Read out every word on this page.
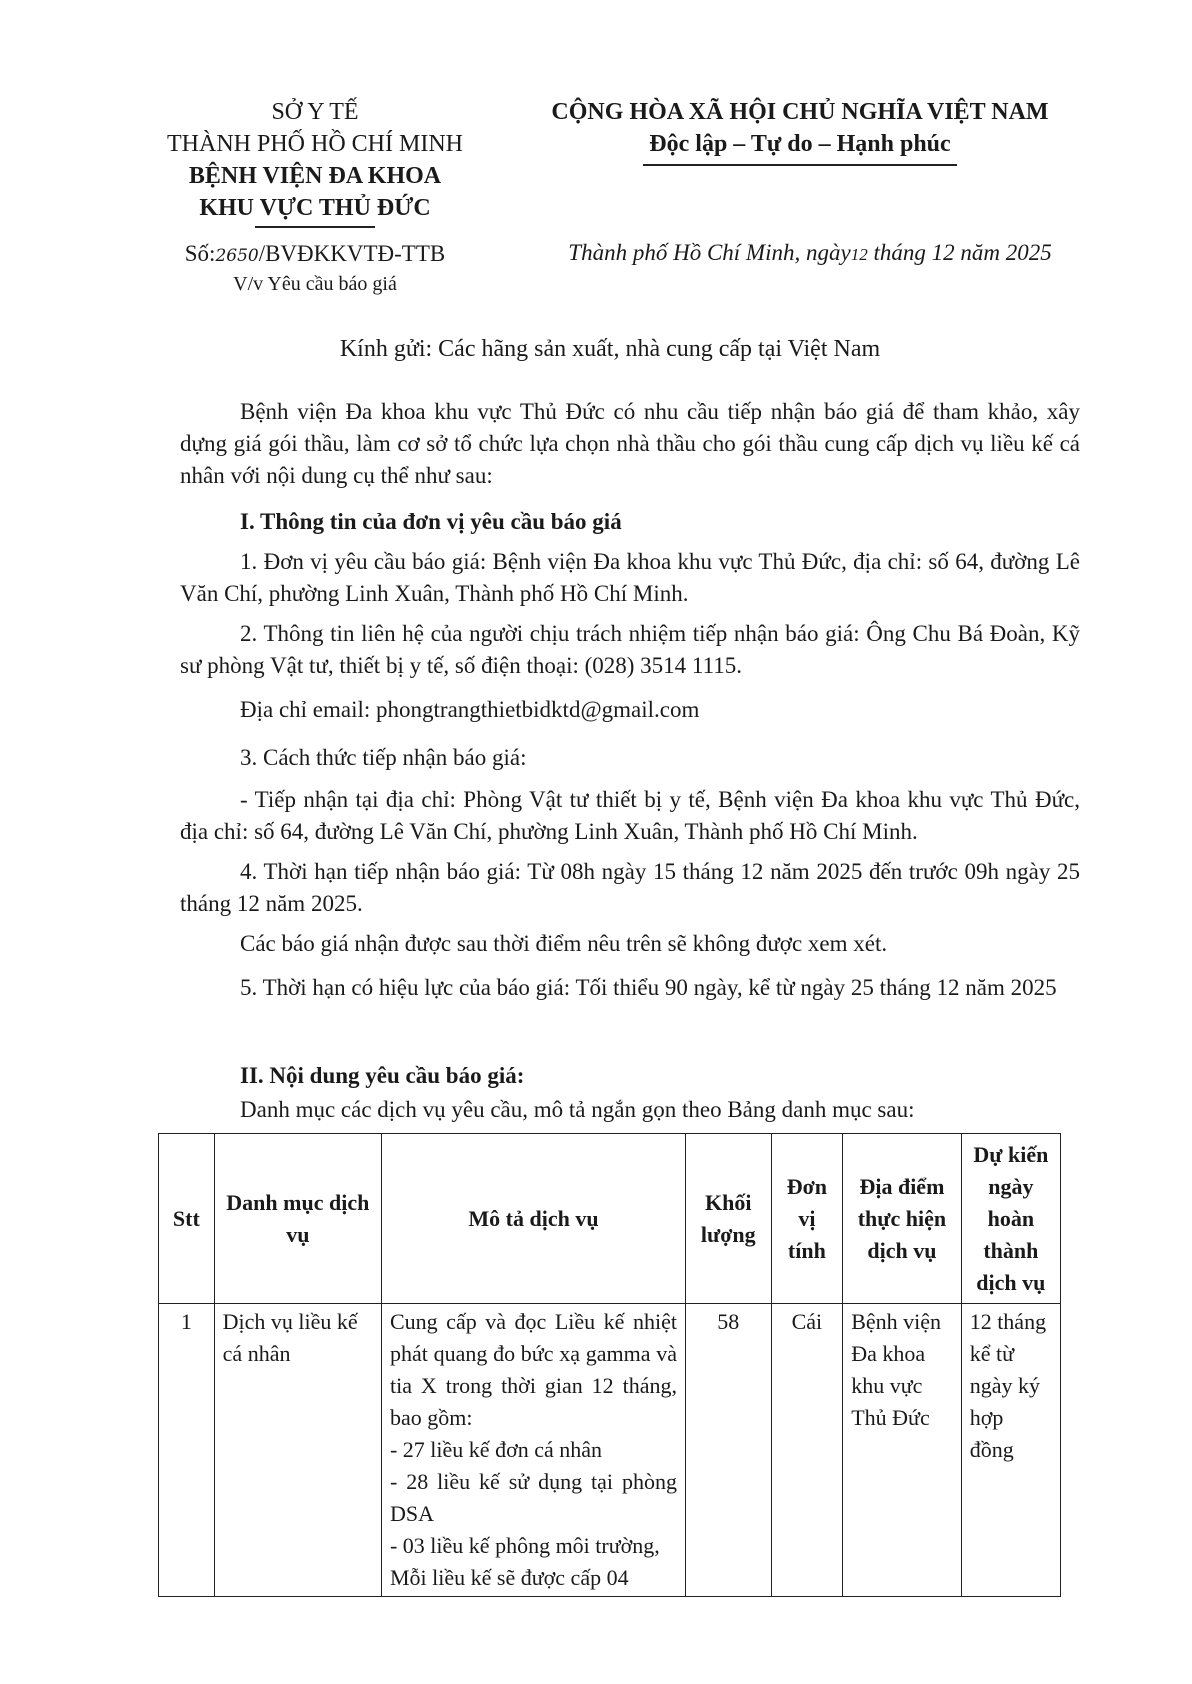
SỞ Y TẾ
THÀNH PHỐ HỒ CHÍ MINH
BỆNH VIỆN ĐA KHOA
KHU VỰC THỦ ĐỨC
CỘNG HÒA XÃ HỘI CHỦ NGHĨA VIỆT NAM
Độc lập – Tự do – Hạnh phúc
Số:2650/BVĐKKVTĐ-TTB
V/v Yêu cầu báo giá
Thành phố Hồ Chí Minh, ngày12 tháng 12 năm 2025
Kính gửi: Các hãng sản xuất, nhà cung cấp tại Việt Nam
Bệnh viện Đa khoa khu vực Thủ Đức có nhu cầu tiếp nhận báo giá để tham khảo, xây dựng giá gói thầu, làm cơ sở tổ chức lựa chọn nhà thầu cho gói thầu cung cấp dịch vụ liều kế cá nhân với nội dung cụ thể như sau:
I. Thông tin của đơn vị yêu cầu báo giá
1. Đơn vị yêu cầu báo giá: Bệnh viện Đa khoa khu vực Thủ Đức, địa chỉ: số 64, đường Lê Văn Chí, phường Linh Xuân, Thành phố Hồ Chí Minh.
2. Thông tin liên hệ của người chịu trách nhiệm tiếp nhận báo giá: Ông Chu Bá Đoàn, Kỹ sư phòng Vật tư, thiết bị y tế, số điện thoại: (028) 3514 1115.
Địa chỉ email: phongtrangthietbidktd@gmail.com
3. Cách thức tiếp nhận báo giá:
- Tiếp nhận tại địa chỉ: Phòng Vật tư thiết bị y tế, Bệnh viện Đa khoa khu vực Thủ Đức, địa chỉ: số 64, đường Lê Văn Chí, phường Linh Xuân, Thành phố Hồ Chí Minh.
4. Thời hạn tiếp nhận báo giá: Từ 08h ngày 15 tháng 12 năm 2025 đến trước 09h ngày 25 tháng 12 năm 2025.
Các báo giá nhận được sau thời điểm nêu trên sẽ không được xem xét.
5. Thời hạn có hiệu lực của báo giá: Tối thiểu 90 ngày, kể từ ngày 25 tháng 12 năm 2025
II. Nội dung yêu cầu báo giá:
Danh mục các dịch vụ yêu cầu, mô tả ngắn gọn theo Bảng danh mục sau:
Stt	Danh mục dịch vụ	Mô tả dịch vụ	Khối lượng	Đơn vị tính	Địa điểm thực hiện dịch vụ	Dự kiến ngày hoàn thành dịch vụ
1	Dịch vụ liều kế cá nhân	Cung cấp và đọc Liều kế nhiệt phát quang đo bức xạ gamma và tia X trong thời gian 12 tháng, bao gồm:
- 27 liều kế đơn cá nhân
- 28 liều kế sử dụng tại phòng DSA
- 03 liều kế phông môi trường,
Mỗi liều kế sẽ được cấp 04	58	Cái	Bệnh viện Đa khoa khu vực Thủ Đức	12 tháng kể từ ngày ký hợp đồng
